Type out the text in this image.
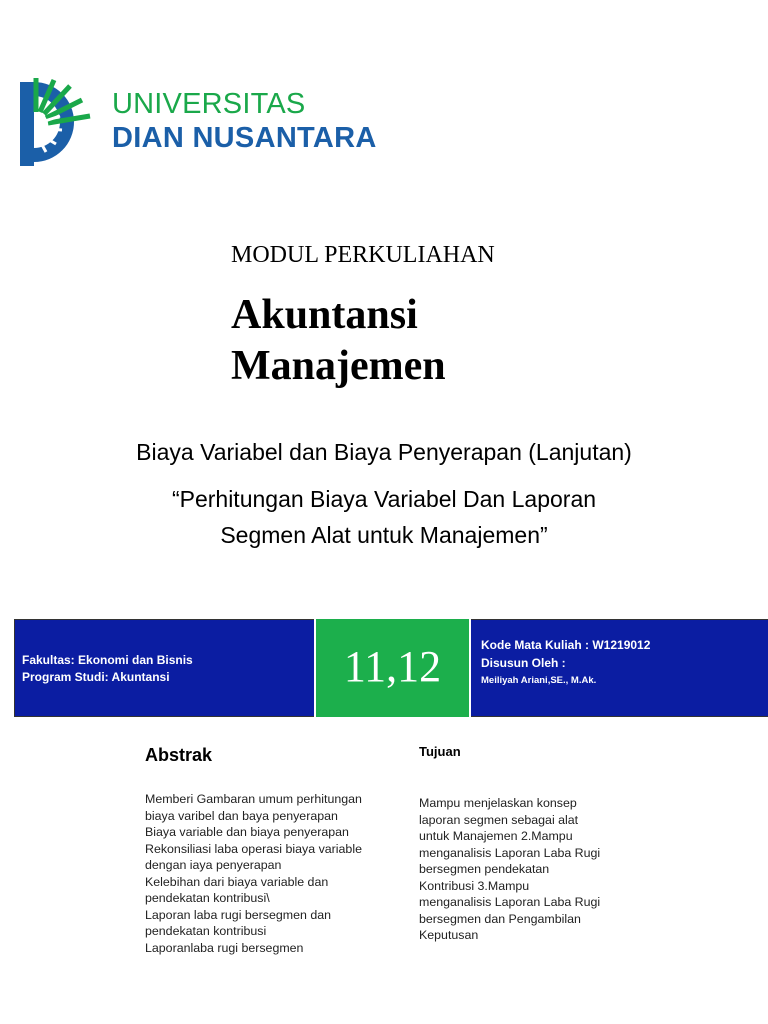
UNIVERSITAS
DIAN NUSANTARA
MODUL PERKULIAHAN
Akuntansi
Manajemen
Biaya Variabel dan Biaya Penyerapan (Lanjutan)
“Perhitungan Biaya Variabel Dan Laporan
Segmen Alat untuk Manajemen”
Fakultas: Ekonomi dan Bisnis
Program Studi: Akuntansi	11,12	Kode Mata Kuliah : W1219012
Disusun Oleh :
Meiliyah Ariani,SE., M.Ak.
Abstrak
Memberi Gambaran umum perhitungan
biaya varibel dan baya penyerapan
Biaya variable dan biaya penyerapan
Rekonsiliasi laba operasi biaya variable
dengan iaya penyerapan
Kelebihan dari biaya variable dan
pendekatan kontribusi\
Laporan laba rugi bersegmen dan
pendekatan kontribusi
Laporanlaba rugi bersegmen
Tujuan
Mampu menjelaskan konsep
laporan segmen sebagai alat
untuk Manajemen 2.Mampu
menganalisis Laporan Laba Rugi
bersegmen pendekatan
Kontribusi 3.Mampu
menganalisis Laporan Laba Rugi
bersegmen dan Pengambilan
Keputusan
